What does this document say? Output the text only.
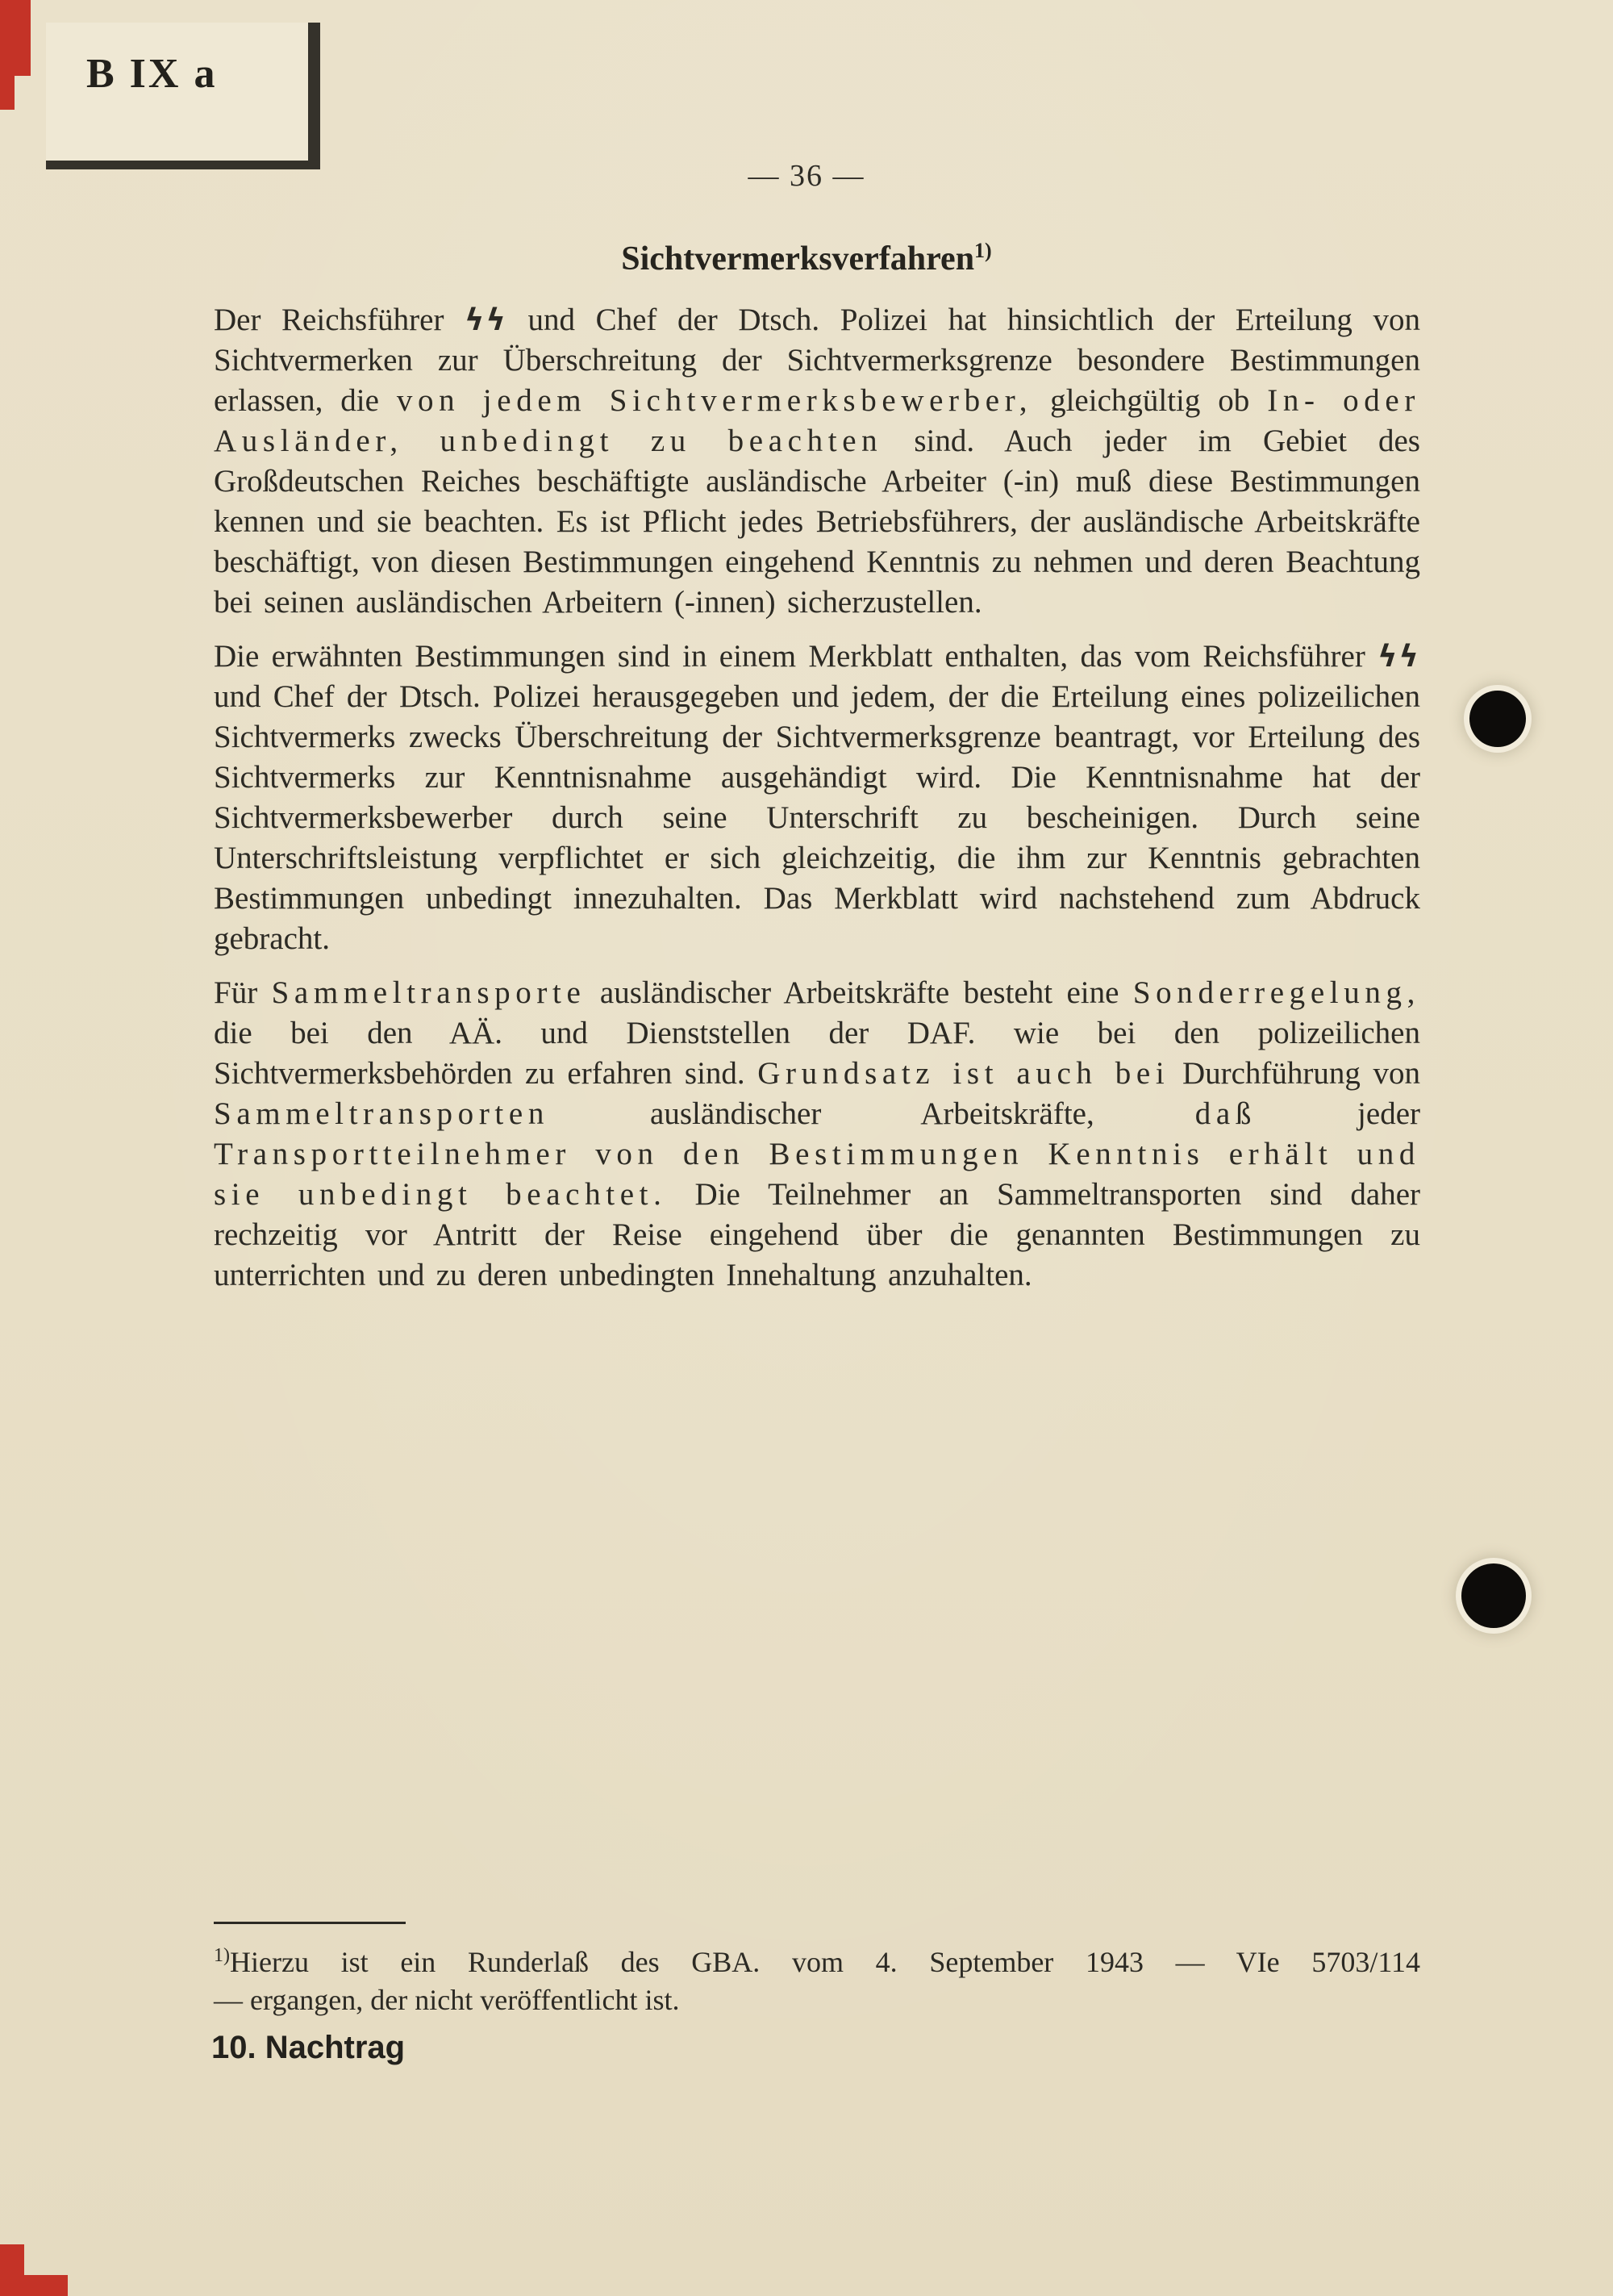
B IX a
— 36 —
Sichtvermerksverfahren$^{1)}$

Der Reichsführer ϟϟ und Chef der Dtsch. Polizei hat hinsichtlich der Erteilung von Sichtvermerken zur Überschreitung der Sichtvermerksgrenze besondere Bestimmungen erlassen, die von jedem Sichtvermerksbewerber, gleichgültig ob In- oder Ausländer, unbedingt zu beachten sind. Auch jeder im Gebiet des Großdeutschen Reiches beschäftigte ausländische Arbeiter (-in) muß diese Bestimmungen kennen und sie beachten. Es ist Pflicht jedes Betriebsführers, der ausländische Arbeitskräfte beschäftigt, von diesen Bestimmungen eingehend Kenntnis zu nehmen und deren Beachtung bei seinen ausländischen Arbeitern (-innen) sicherzustellen.

Die erwähnten Bestimmungen sind in einem Merkblatt enthalten, das vom Reichsführer ϟϟ und Chef der Dtsch. Polizei herausgegeben und jedem, der die Erteilung eines polizeilichen Sichtvermerks zwecks Überschreitung der Sichtvermerksgrenze beantragt, vor Erteilung des Sichtvermerks zur Kenntnisnahme ausgehändigt wird. Die Kenntnisnahme hat der Sichtvermerksbewerber durch seine Unterschrift zu bescheinigen. Durch seine Unterschriftsleistung verpflichtet er sich gleichzeitig, die ihm zur Kenntnis gebrachten Bestimmungen unbedingt innezuhalten. Das Merkblatt wird nachstehend zum Abdruck gebracht.

Für Sammeltransporte ausländischer Arbeitskräfte besteht eine Sonderregelung, die bei den AÄ. und Dienststellen der DAF. wie bei den polizeilichen Sichtvermerksbehörden zu erfahren sind. Grundsatz ist auch bei Durchführung von Sammeltransporten ausländischer Arbeitskräfte, daß jeder Transportteilnehmer von den Bestimmungen Kenntnis erhält und sie unbedingt beachtet. Die Teilnehmer an Sammeltransporten sind daher rechzeitig vor Antritt der Reise eingehend über die genannten Bestimmungen zu unterrichten und zu deren unbedingten Innehaltung anzuhalten.

$^{1)}$Hierzu ist ein Runderlaß des GBA. vom 4. September 1943 — VIe 5703/114
— ergangen, der nicht veröffentlicht ist.
10. Nachtrag
